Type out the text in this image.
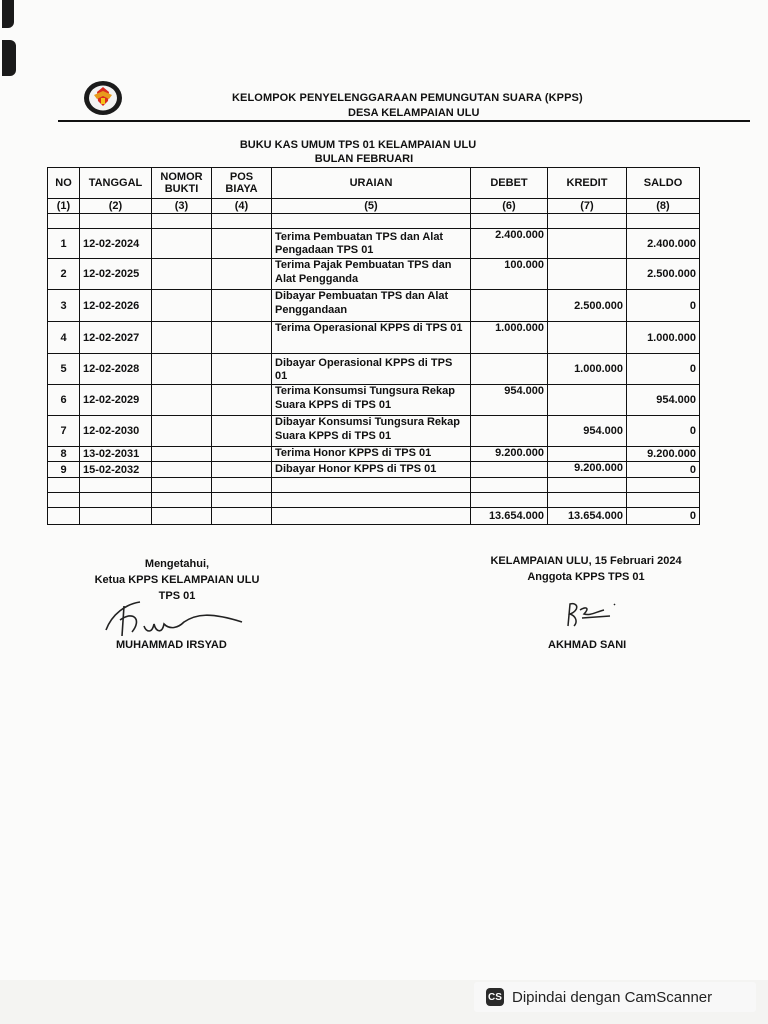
KELOMPOK PENYELENGGARAAN PEMUNGUTAN SUARA (KPPS)
DESA KELAMPAIAN ULU
BUKU KAS UMUM TPS 01 KELAMPAIAN ULU
BULAN FEBRUARI
NO	TANGGAL	NOMOR BUKTI	POS BIAYA	URAIAN	DEBET	KREDIT	SALDO
(1)	(2)	(3)	(4)	(5)	(6)	(7)	(8)

1	12-02-2024			Terima Pembuatan TPS dan Alat Pengadaan TPS 01	2.400.000		2.400.000
2	12-02-2025			Terima Pajak Pembuatan TPS dan Alat Pengganda	100.000		2.500.000
3	12-02-2026			Dibayar Pembuatan TPS dan Alat Penggandaan		2.500.000	0
4	12-02-2027			Terima Operasional KPPS di TPS 01	1.000.000		1.000.000
5	12-02-2028			Dibayar Operasional KPPS di TPS 01		1.000.000	0
6	12-02-2029			Terima Konsumsi Tungsura Rekap Suara KPPS di TPS 01	954.000		954.000
7	12-02-2030			Dibayar Konsumsi Tungsura Rekap Suara KPPS di TPS 01		954.000	0
8	13-02-2031			Terima Honor KPPS di TPS 01	9.200.000		9.200.000
9	15-02-2032			Dibayar Honor KPPS di TPS 01		9.200.000	0

					13.654.000	13.654.000	0
Mengetahui,
Ketua KPPS KELAMPAIAN ULU
TPS 01
MUHAMMAD IRSYAD
KELAMPAIAN ULU, 15 Februari 2024
Anggota KPPS TPS 01
AKHMAD SANI
CS Dipindai dengan CamScanner
